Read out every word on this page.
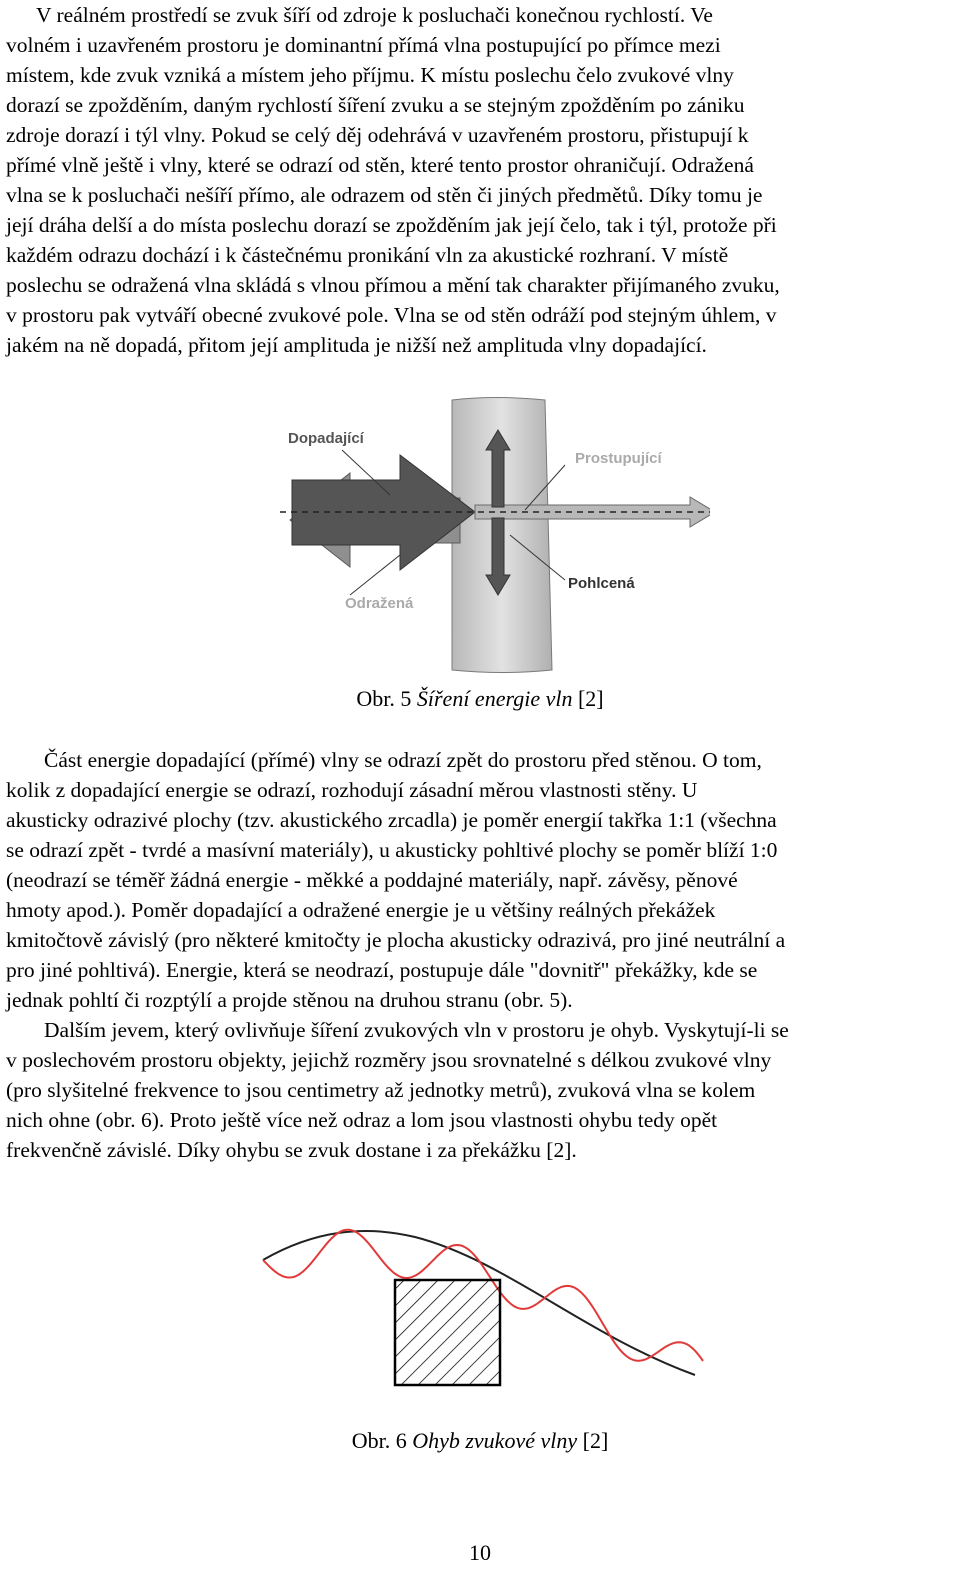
V reálném prostředí se zvuk šíří od zdroje k posluchači konečnou rychlostí. Ve
volném i uzavřeném prostoru je dominantní přímá vlna postupující po přímce mezi
místem, kde zvuk vzniká a místem jeho příjmu. K místu poslechu čelo zvukové vlny
dorazí se zpožděním, daným rychlostí šíření zvuku a se stejným zpožděním po zániku
zdroje dorazí i týl vlny. Pokud se celý děj odehrává v uzavřeném prostoru, přistupují k
přímé vlně ještě i vlny, které se odrazí od stěn, které tento prostor ohraničují. Odražená
vlna se k posluchači nešíří přímo, ale odrazem od stěn či jiných předmětů. Díky tomu je
její dráha delší a do místa poslechu dorazí se zpožděním jak její čelo, tak i týl, protože při
každém odrazu dochází i k částečnému pronikání vln za akustické rozhraní. V místě
poslechu se odražená vlna skládá s vlnou přímou a mění tak charakter přijímaného zvuku,
v prostoru pak vytváří obecné zvukové pole. Vlna se od stěn odráží pod stejným úhlem, v
jakém na ně dopadá, přitom její amplituda je nižší než amplituda vlny dopadající.
Dopadající
Prostupující
Pohlcená
Odražená
Obr. 5 Šíření energie vln [2]
Část energie dopadající (přímé) vlny se odrazí zpět do prostoru před stěnou. O tom,
kolik z dopadající energie se odrazí, rozhodují zásadní měrou vlastnosti stěny. U
akusticky odrazivé plochy (tzv. akustického zrcadla) je poměr energií takřka 1:1 (všechna
se odrazí zpět - tvrdé a masívní materiály), u akusticky pohltivé plochy se poměr blíží 1:0
(neodrazí se téměř žádná energie - měkké a poddajné materiály, např. závěsy, pěnové
hmoty apod.). Poměr dopadající a odražené energie je u většiny reálných překážek
kmitočtově závislý (pro některé kmitočty je plocha akusticky odrazivá, pro jiné neutrální a
pro jiné pohltivá). Energie, která se neodrazí, postupuje dále "dovnitř" překážky, kde se
jednak pohltí či rozptýlí a projde stěnou na druhou stranu (obr. 5).
Dalším jevem, který ovlivňuje šíření zvukových vln v prostoru je ohyb. Vyskytují-li se
v poslechovém prostoru objekty, jejichž rozměry jsou srovnatelné s délkou zvukové vlny
(pro slyšitelné frekvence to jsou centimetry až jednotky metrů), zvuková vlna se kolem
nich ohne (obr. 6). Proto ještě více než odraz a lom jsou vlastnosti ohybu tedy opět
frekvenčně závislé. Díky ohybu se zvuk dostane i za překážku [2].
Obr. 6 Ohyb zvukové vlny [2]
10
